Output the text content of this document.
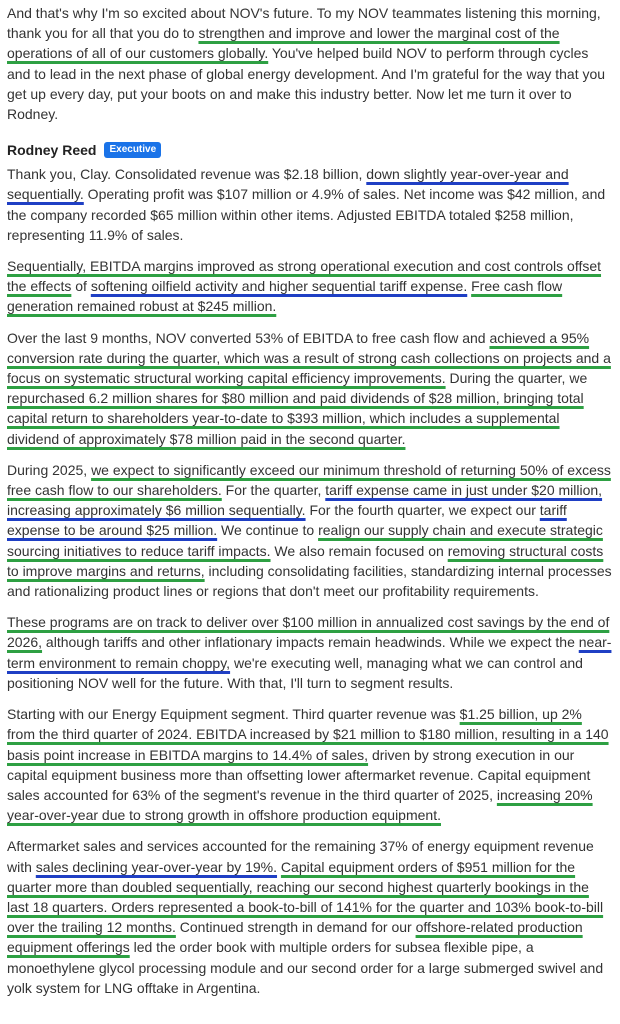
And that's why I'm so excited about NOV's future. To my NOV teammates listening this morning, thank you for all that you do to strengthen and improve and lower the marginal cost of the operations of all of our customers globally. You've helped build NOV to perform through cycles and to lead in the next phase of global energy development. And I'm grateful for the way that you get up every day, put your boots on and make this industry better. Now let me turn it over to Rodney.

Rodney Reed	Executive

Thank you, Clay. Consolidated revenue was $2.18 billion, down slightly year-over-year and sequentially. Operating profit was $107 million or 4.9% of sales. Net income was $42 million, and the company recorded $65 million within other items. Adjusted EBITDA totaled $258 million, representing 11.9% of sales.

Sequentially, EBITDA margins improved as strong operational execution and cost controls offset the effects of softening oilfield activity and higher sequential tariff expense. Free cash flow generation remained robust at $245 million.

Over the last 9 months, NOV converted 53% of EBITDA to free cash flow and achieved a 95% conversion rate during the quarter, which was a result of strong cash collections on projects and a focus on systematic structural working capital efficiency improvements. During the quarter, we repurchased 6.2 million shares for $80 million and paid dividends of $28 million, bringing total capital return to shareholders year-to-date to $393 million, which includes a supplemental dividend of approximately $78 million paid in the second quarter.

During 2025, we expect to significantly exceed our minimum threshold of returning 50% of excess free cash flow to our shareholders. For the quarter, tariff expense came in just under $20 million, increasing approximately $6 million sequentially. For the fourth quarter, we expect our tariff expense to be around $25 million. We continue to realign our supply chain and execute strategic sourcing initiatives to reduce tariff impacts. We also remain focused on removing structural costs to improve margins and returns, including consolidating facilities, standardizing internal processes and rationalizing product lines or regions that don't meet our profitability requirements.

These programs are on track to deliver over $100 million in annualized cost savings by the end of 2026, although tariffs and other inflationary impacts remain headwinds. While we expect the near-term environment to remain choppy, we're executing well, managing what we can control and positioning NOV well for the future. With that, I'll turn to segment results.

Starting with our Energy Equipment segment. Third quarter revenue was $1.25 billion, up 2% from the third quarter of 2024. EBITDA increased by $21 million to $180 million, resulting in a 140 basis point increase in EBITDA margins to 14.4% of sales, driven by strong execution in our capital equipment business more than offsetting lower aftermarket revenue. Capital equipment sales accounted for 63% of the segment's revenue in the third quarter of 2025, increasing 20% year-over-year due to strong growth in offshore production equipment.

Aftermarket sales and services accounted for the remaining 37% of energy equipment revenue with sales declining year-over-year by 19%. Capital equipment orders of $951 million for the quarter more than doubled sequentially, reaching our second highest quarterly bookings in the last 18 quarters. Orders represented a book-to-bill of 141% for the quarter and 103% book-to-bill over the trailing 12 months. Continued strength in demand for our offshore-related production equipment offerings led the order book with multiple orders for subsea flexible pipe, a monoethylene glycol processing module and our second order for a large submerged swivel and yolk system for LNG offtake in Argentina.
